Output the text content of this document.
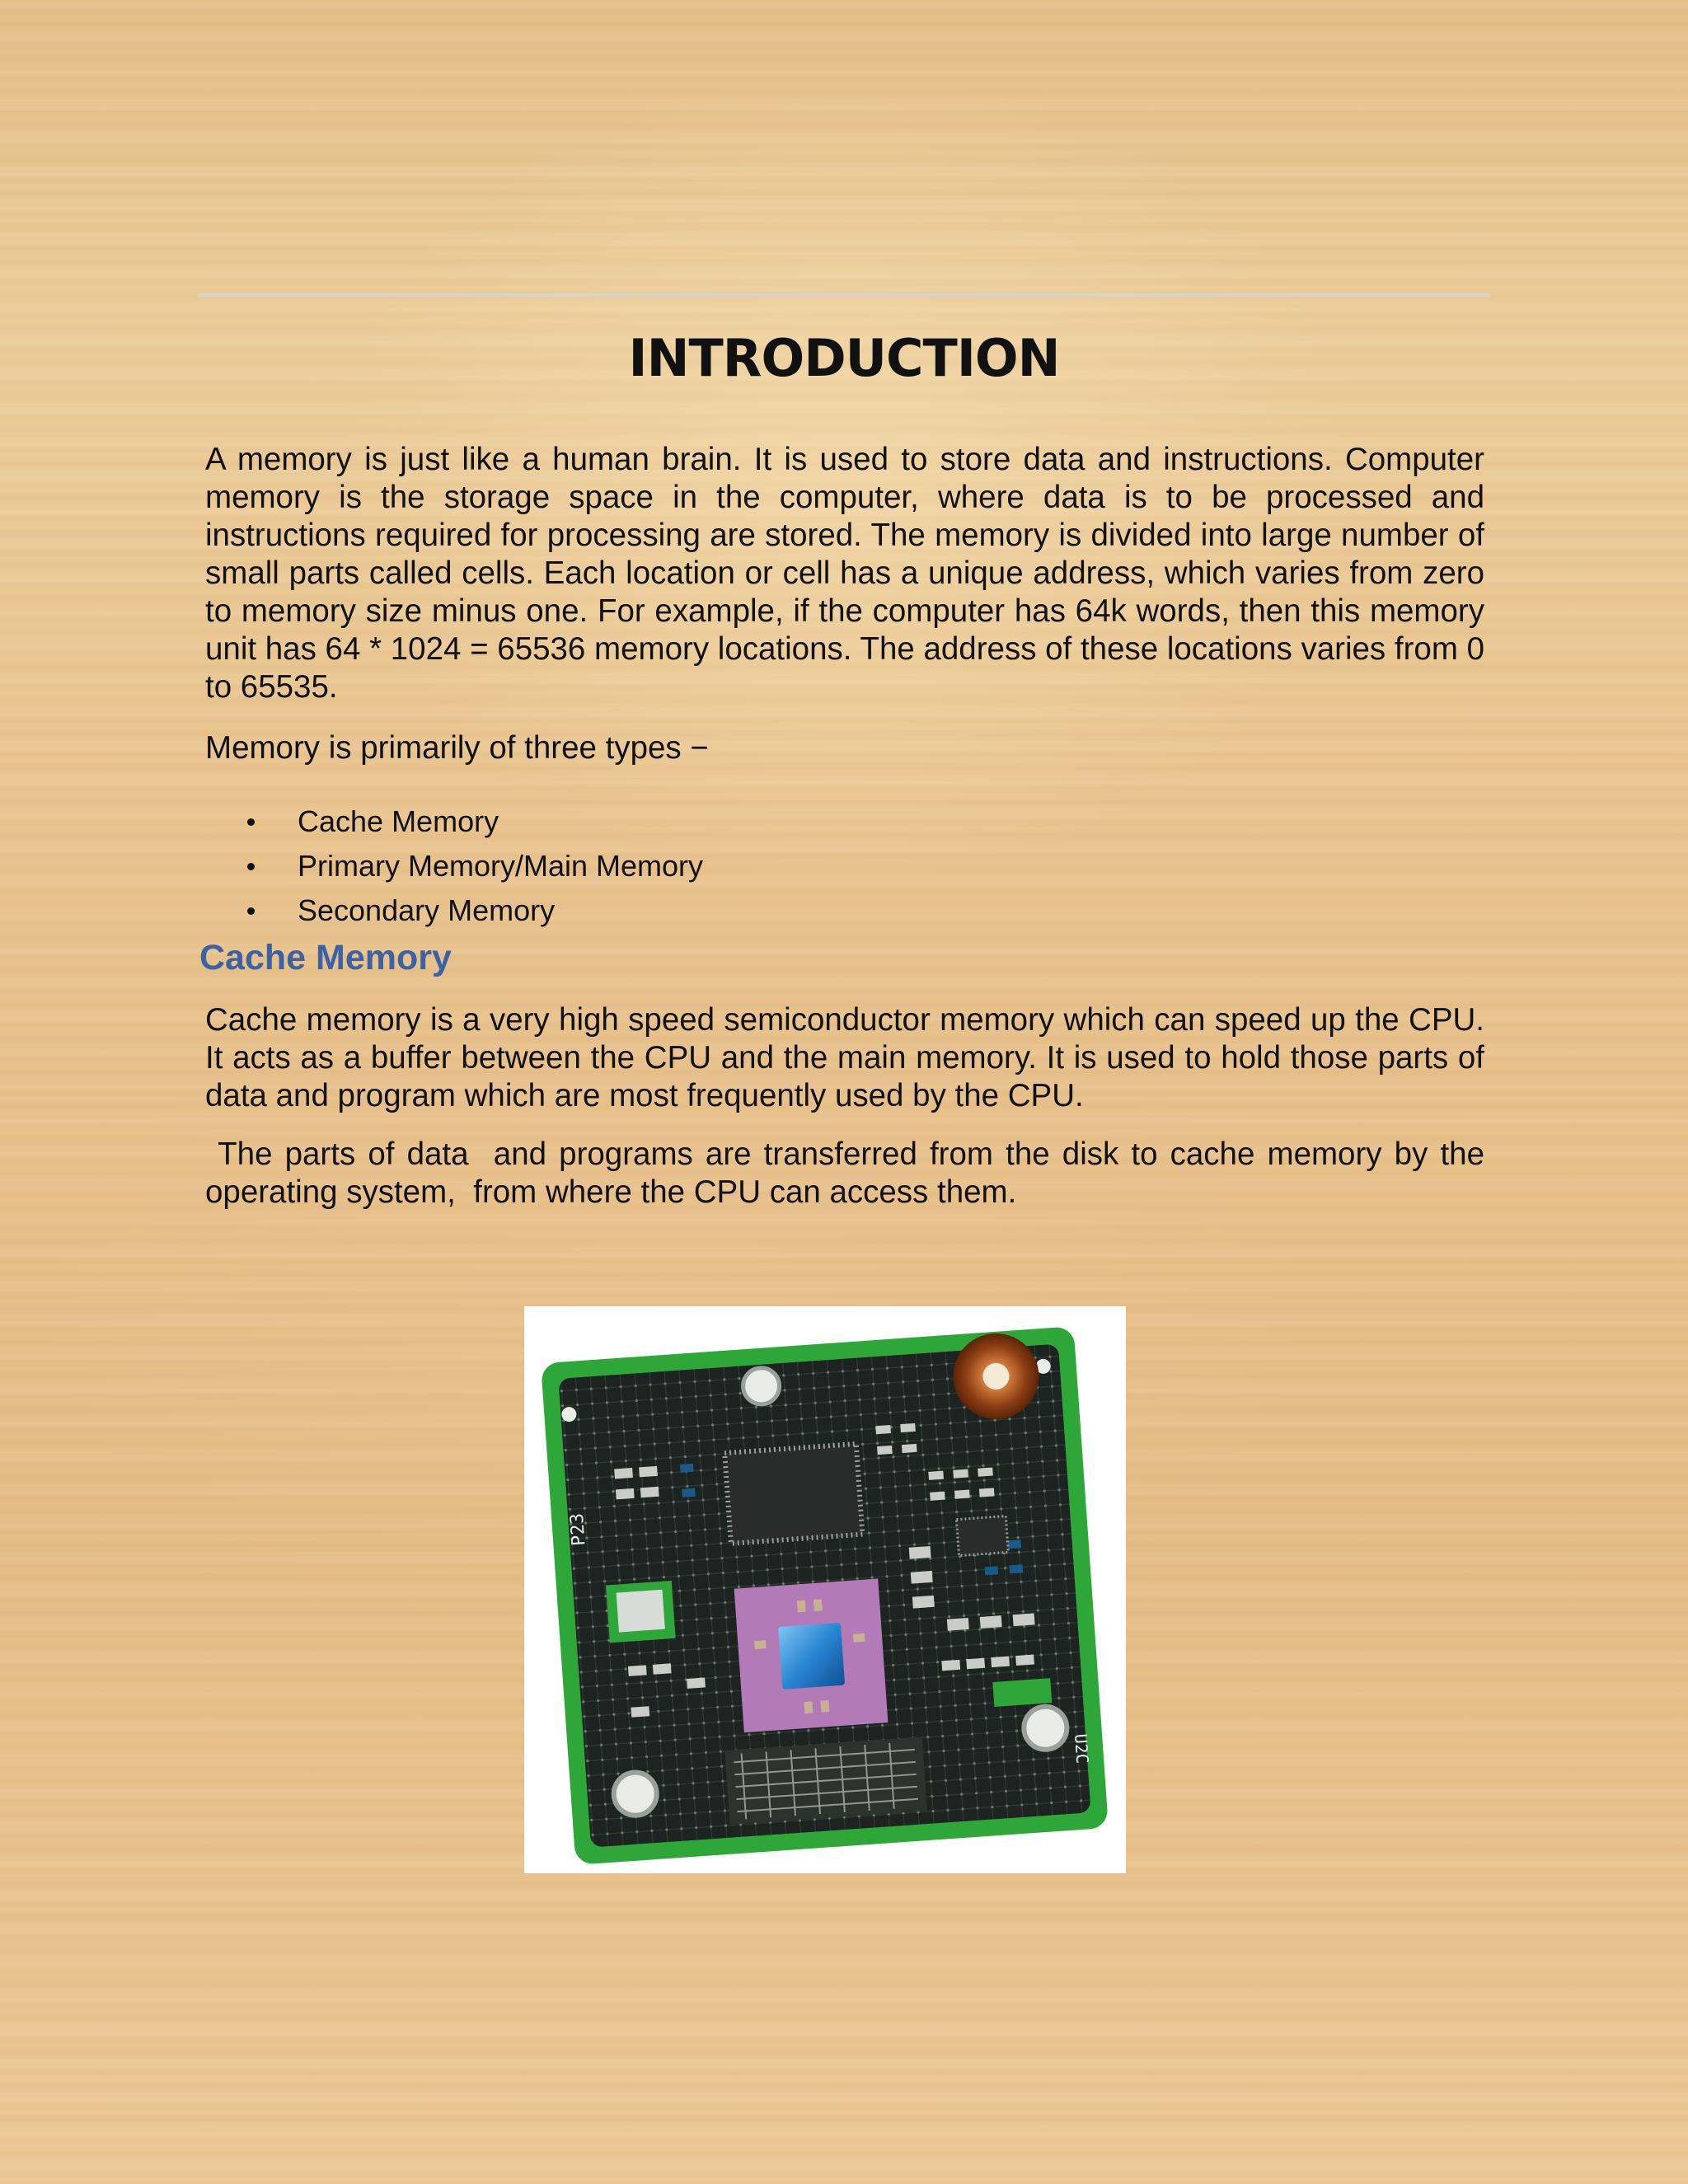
INTRODUCTION

A memory is just like a human brain. It is used to store data and instructions. Computer memory is the storage space in the computer, where data is to be processed and instructions required for processing are stored. The memory is divided into large number of small parts called cells. Each location or cell has a unique address, which varies from zero to memory size minus one. For example, if the computer has 64k words, then this memory unit has 64 * 1024 = 65536 memory locations. The address of these locations varies from 0 to 65535.

Memory is primarily of three types −

Cache Memory
Primary Memory/Main Memory
Secondary Memory
Cache Memory

Cache memory is a very high speed semiconductor memory which can speed up the CPU. It acts as a buffer between the CPU and the main memory. It is used to hold those parts of data and program which are most frequently used by the CPU.

The parts of data  and programs are transferred from the disk to cache memory by the operating system,  from where the CPU can access them.

P23
U2C
